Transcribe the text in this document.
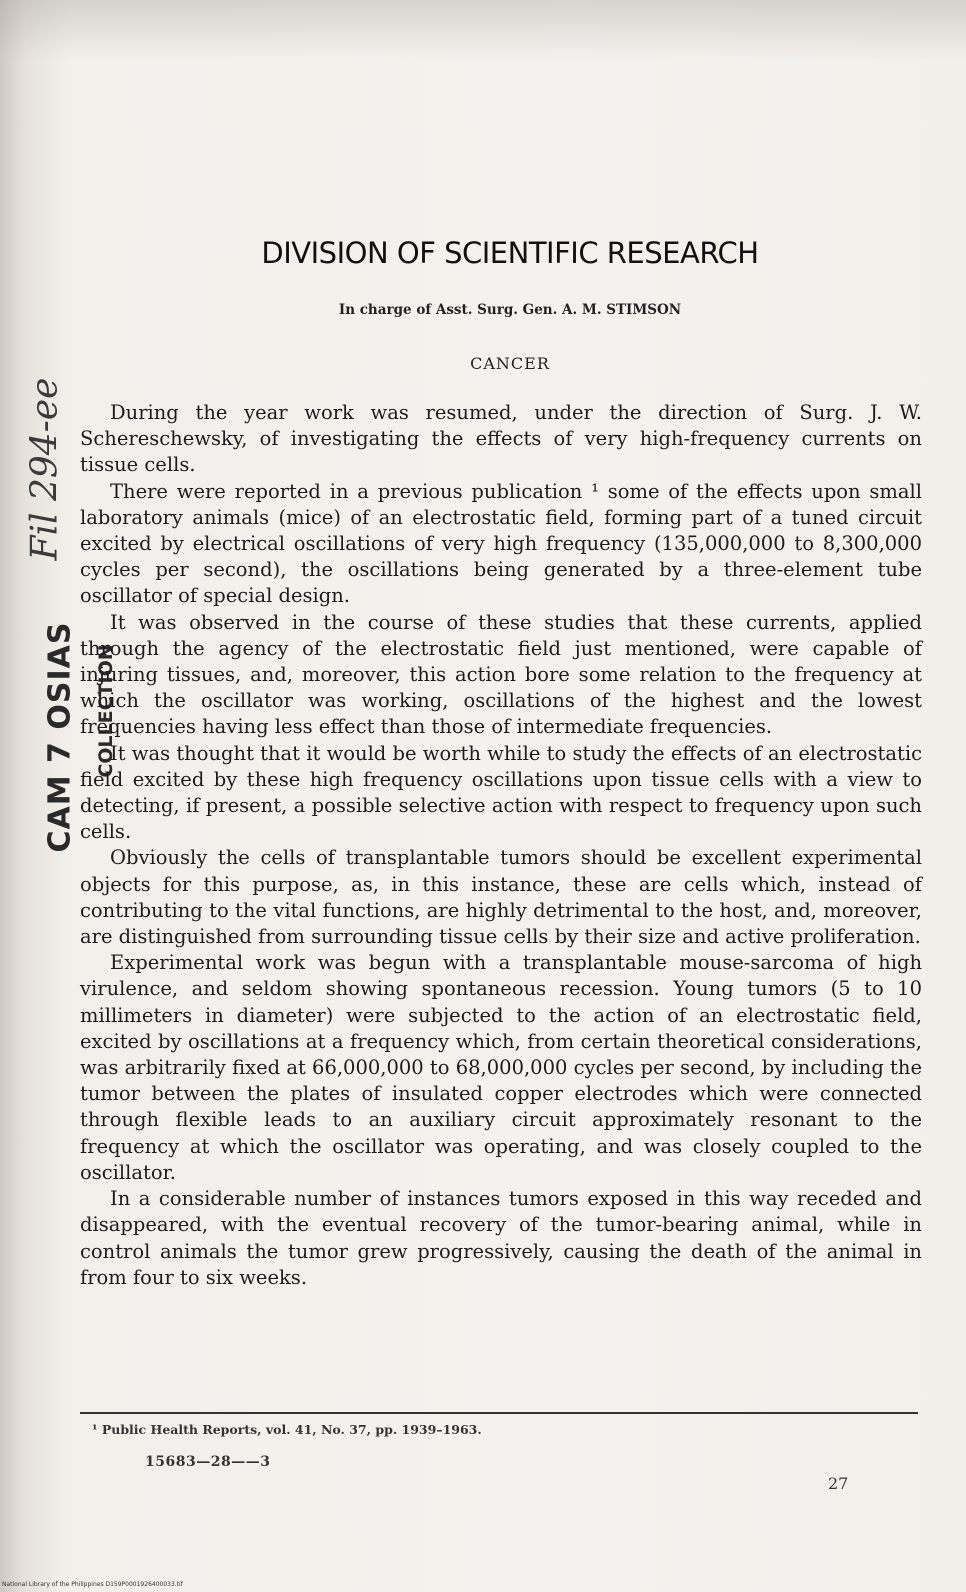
DIVISION OF SCIENTIFIC RESEARCH
In charge of Asst. Surg. Gen. A. M. STIMSON
CANCER
CAM 7 OSIAS COLLECTION
Fil 294-ee	During the year work was resumed, under the direction of Surg. J. W. Schereschewsky, of investigating the effects of very high-frequency currents on tissue cells.

There were reported in a previous publication ¹ some of the effects upon small laboratory animals (mice) of an electrostatic field, forming part of a tuned circuit excited by electrical oscillations of very high frequency (135,000,000 to 8,300,000 cycles per second), the oscillations being generated by a three-element tube oscillator of special design.

It was observed in the course of these studies that these currents, applied through the agency of the electrostatic field just mentioned, were capable of injuring tissues, and, moreover, this action bore some relation to the frequency at which the oscillator was working, oscillations of the highest and the lowest frequencies having less effect than those of intermediate frequencies.

It was thought that it would be worth while to study the effects of an electrostatic field excited by these high frequency oscillations upon tissue cells with a view to detecting, if present, a possible selective action with respect to frequency upon such cells.

Obviously the cells of transplantable tumors should be excellent experimental objects for this purpose, as, in this instance, these are cells which, instead of contributing to the vital functions, are highly detrimental to the host, and, moreover, are distinguished from surrounding tissue cells by their size and active proliferation.

Experimental work was begun with a transplantable mouse-sarcoma of high virulence, and seldom showing spontaneous recession. Young tumors (5 to 10 millimeters in diameter) were subjected to the action of an electrostatic field, excited by oscillations at a frequency which, from certain theoretical considerations, was arbitrarily fixed at 66,000,000 to 68,000,000 cycles per second, by including the tumor between the plates of insulated copper electrodes which were connected through flexible leads to an auxiliary circuit approximately resonant to the frequency at which the oscillator was operating, and was closely coupled to the oscillator.

In a considerable number of instances tumors exposed in this way receded and disappeared, with the eventual recovery of the tumor-bearing animal, while in control animals the tumor grew progressively, causing the death of the animal in from four to six weeks.

¹ Public Health Reports, vol. 41, No. 37, pp. 1939–1963.
15683—28——3
27
National Library of the Philippines D159P0001926400033.tif
